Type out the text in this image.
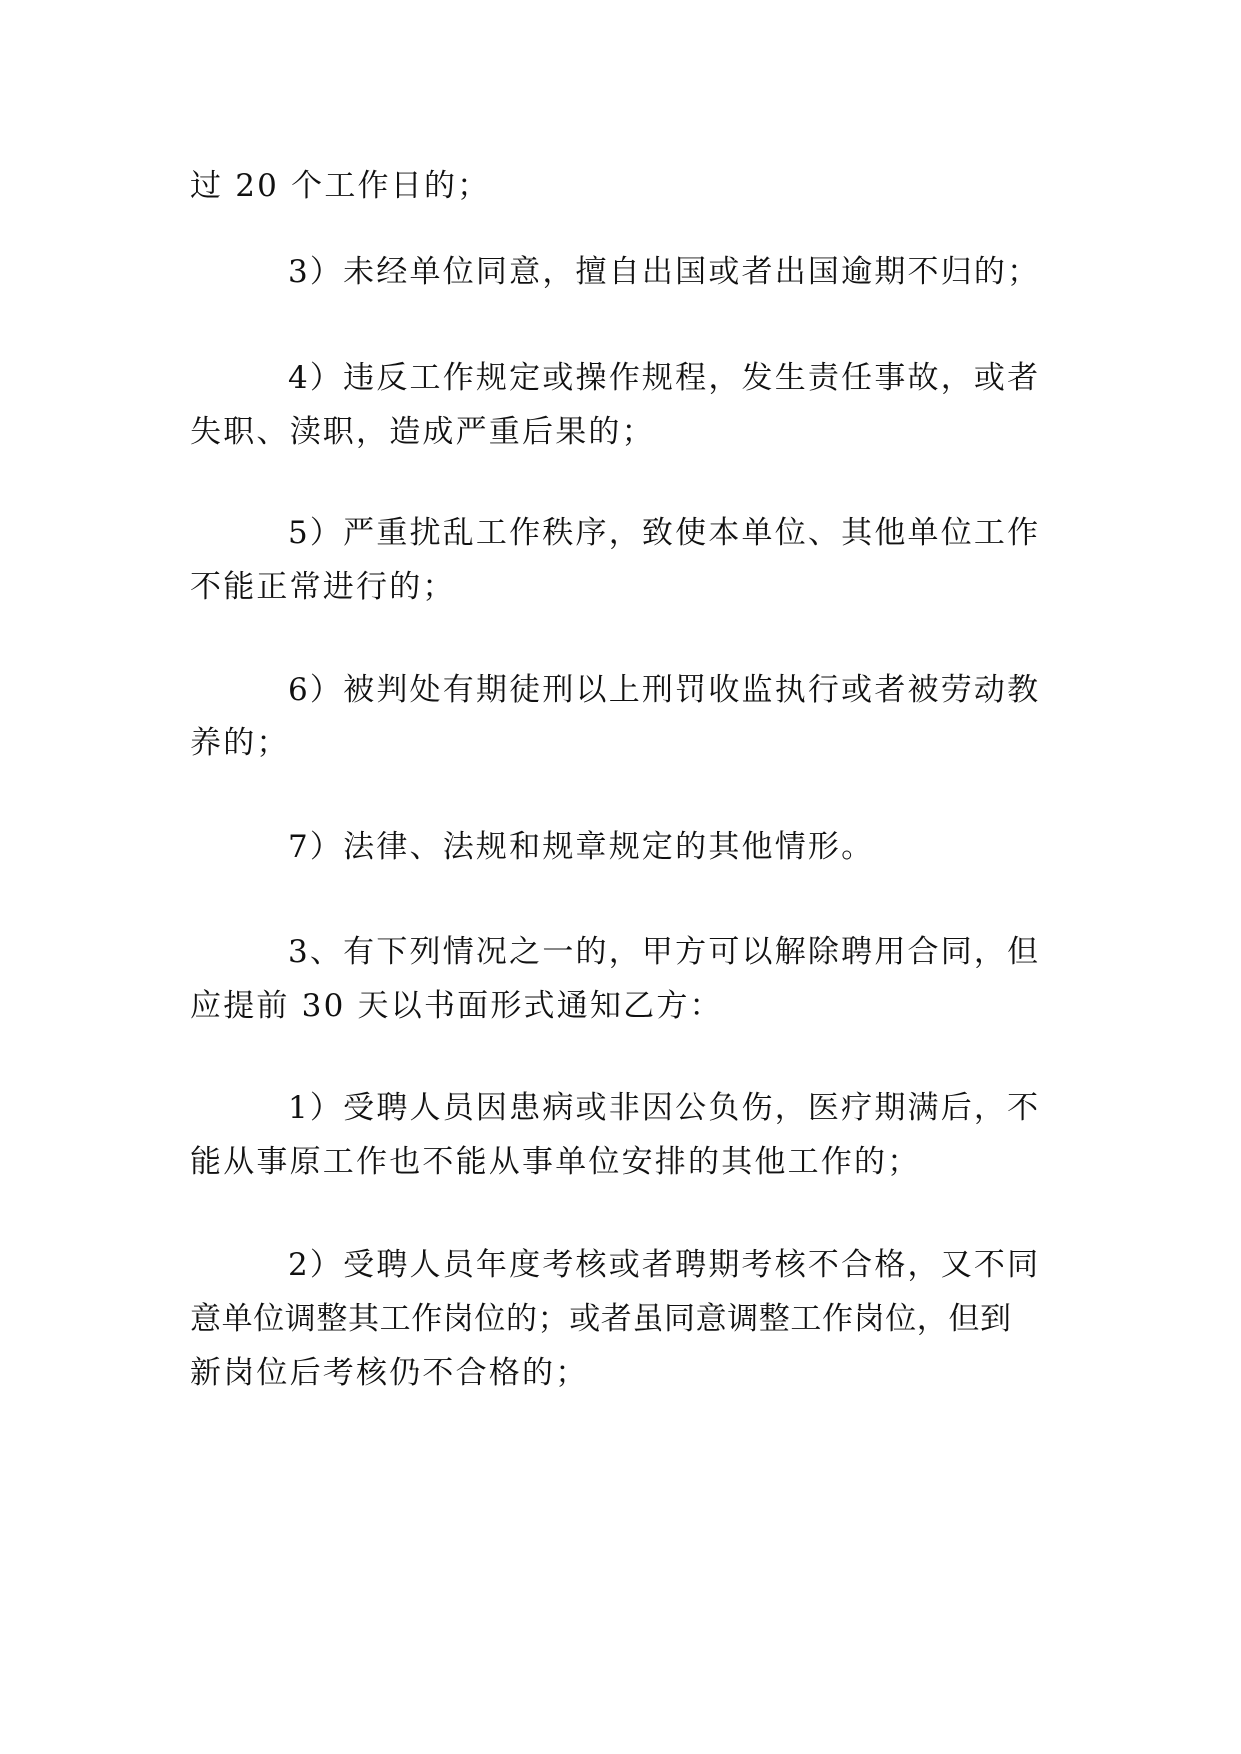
过 20 个工作日的；
3）未经单位同意，擅自出国或者出国逾期不归的；
4）违反工作规定或操作规程，发生责任事故，或者
失职、渎职，造成严重后果的；
5）严重扰乱工作秩序，致使本单位、其他单位工作
不能正常进行的；
6）被判处有期徒刑以上刑罚收监执行或者被劳动教
养的；
7）法律、法规和规章规定的其他情形。
3、有下列情况之一的，甲方可以解除聘用合同，但
应提前 30 天以书面形式通知乙方：
1）受聘人员因患病或非因公负伤，医疗期满后，不
能从事原工作也不能从事单位安排的其他工作的；
2）受聘人员年度考核或者聘期考核不合格，又不同
意单位调整其工作岗位的；或者虽同意调整工作岗位，但到
新岗位后考核仍不合格的；
